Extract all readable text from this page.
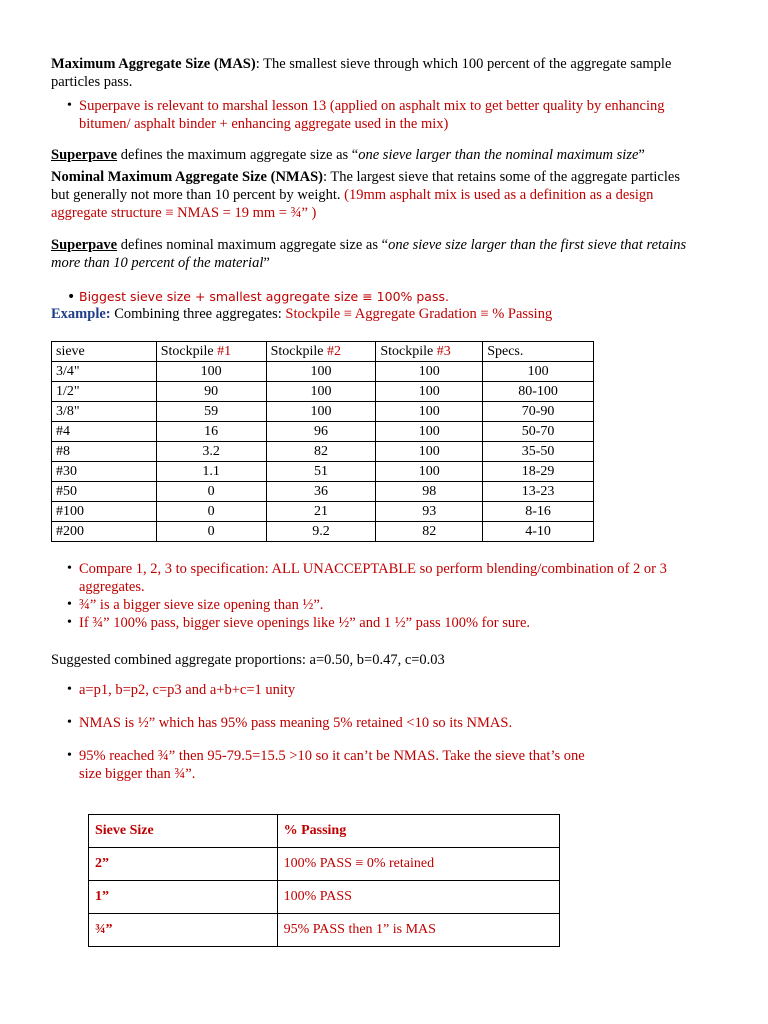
Maximum Aggregate Size (MAS): The smallest sieve through which 100 percent of the aggregate sample
particles pass.
• Superpave is relevant to marshal lesson 13 (applied on asphalt mix to get better quality by enhancing
bitumen/ asphalt binder + enhancing aggregate used in the mix)
Superpave defines the maximum aggregate size as “one sieve larger than the nominal maximum size”
Nominal Maximum Aggregate Size (NMAS): The largest sieve that retains some of the aggregate particles
but generally not more than 10 percent by weight. (19mm asphalt mix is used as a definition as a design
aggregate structure ≡ NMAS = 19 mm = ¾” )
Superpave defines nominal maximum aggregate size as “one sieve size larger than the first sieve that retains
more than 10 percent of the material”
• Biggest sieve size + smallest aggregate size ≡ 100% pass.
Example: Combining three aggregates: Stockpile ≡ Aggregate Gradation ≡ % Passing
sieve	Stockpile #1	Stockpile #2	Stockpile #3	Specs.
3/4"	100	100	100	100
1/2"	90	100	100	80-100
3/8"	59	100	100	70-90
#4	16	96	100	50-70
#8	3.2	82	100	35-50
#30	1.1	51	100	18-29
#50	0	36	98	13-23
#100	0	21	93	8-16
#200	0	9.2	82	4-10
• Compare 1, 2, 3 to specification: ALL UNACCEPTABLE so perform blending/combination of 2 or 3
aggregates.
• ¾” is a bigger sieve size opening than ½”.
• If ¾” 100% pass, bigger sieve openings like ½” and 1 ½” pass 100% for sure.
Suggested combined aggregate proportions: a=0.50, b=0.47, c=0.03
• a=p1, b=p2, c=p3 and a+b+c=1 unity
• NMAS is ½” which has 95% pass meaning 5% retained <10 so its NMAS.
• 95% reached ¾” then 95-79.5=15.5 >10 so it can’t be NMAS. Take the sieve that’s one
size bigger than ¾”.
Sieve Size	% Passing
2”	100% PASS ≡ 0% retained
1”	100% PASS
¾”	95% PASS then 1” is MAS
